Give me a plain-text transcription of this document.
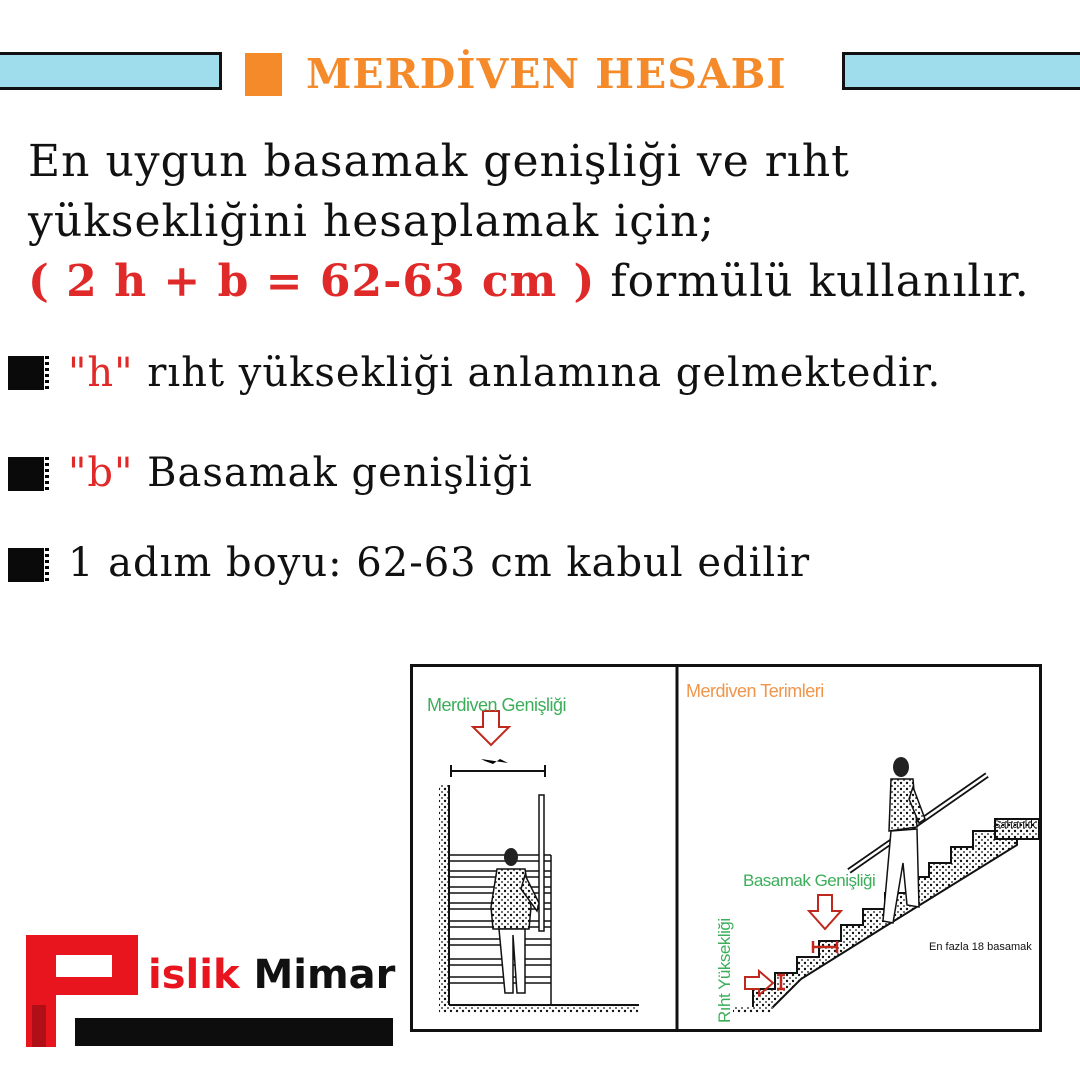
MERDİVEN HESABI
En uygun basamak genişliği ve rıht
yüksekliğini hesaplamak için;
( 2 h + b = 62-63 cm ) formülü kullanılır.
"h" rıht yüksekliği anlamına gelmektedir.
"b" Basamak genişliği
1 adım boyu: 62-63 cm kabul edilir
Merdiven Genişliği
Merdiven Terimleri
Basamak Genişliği
Rıht Yüksekliği
Sahanlık
En fazla 18 basamak
islik Mimar
